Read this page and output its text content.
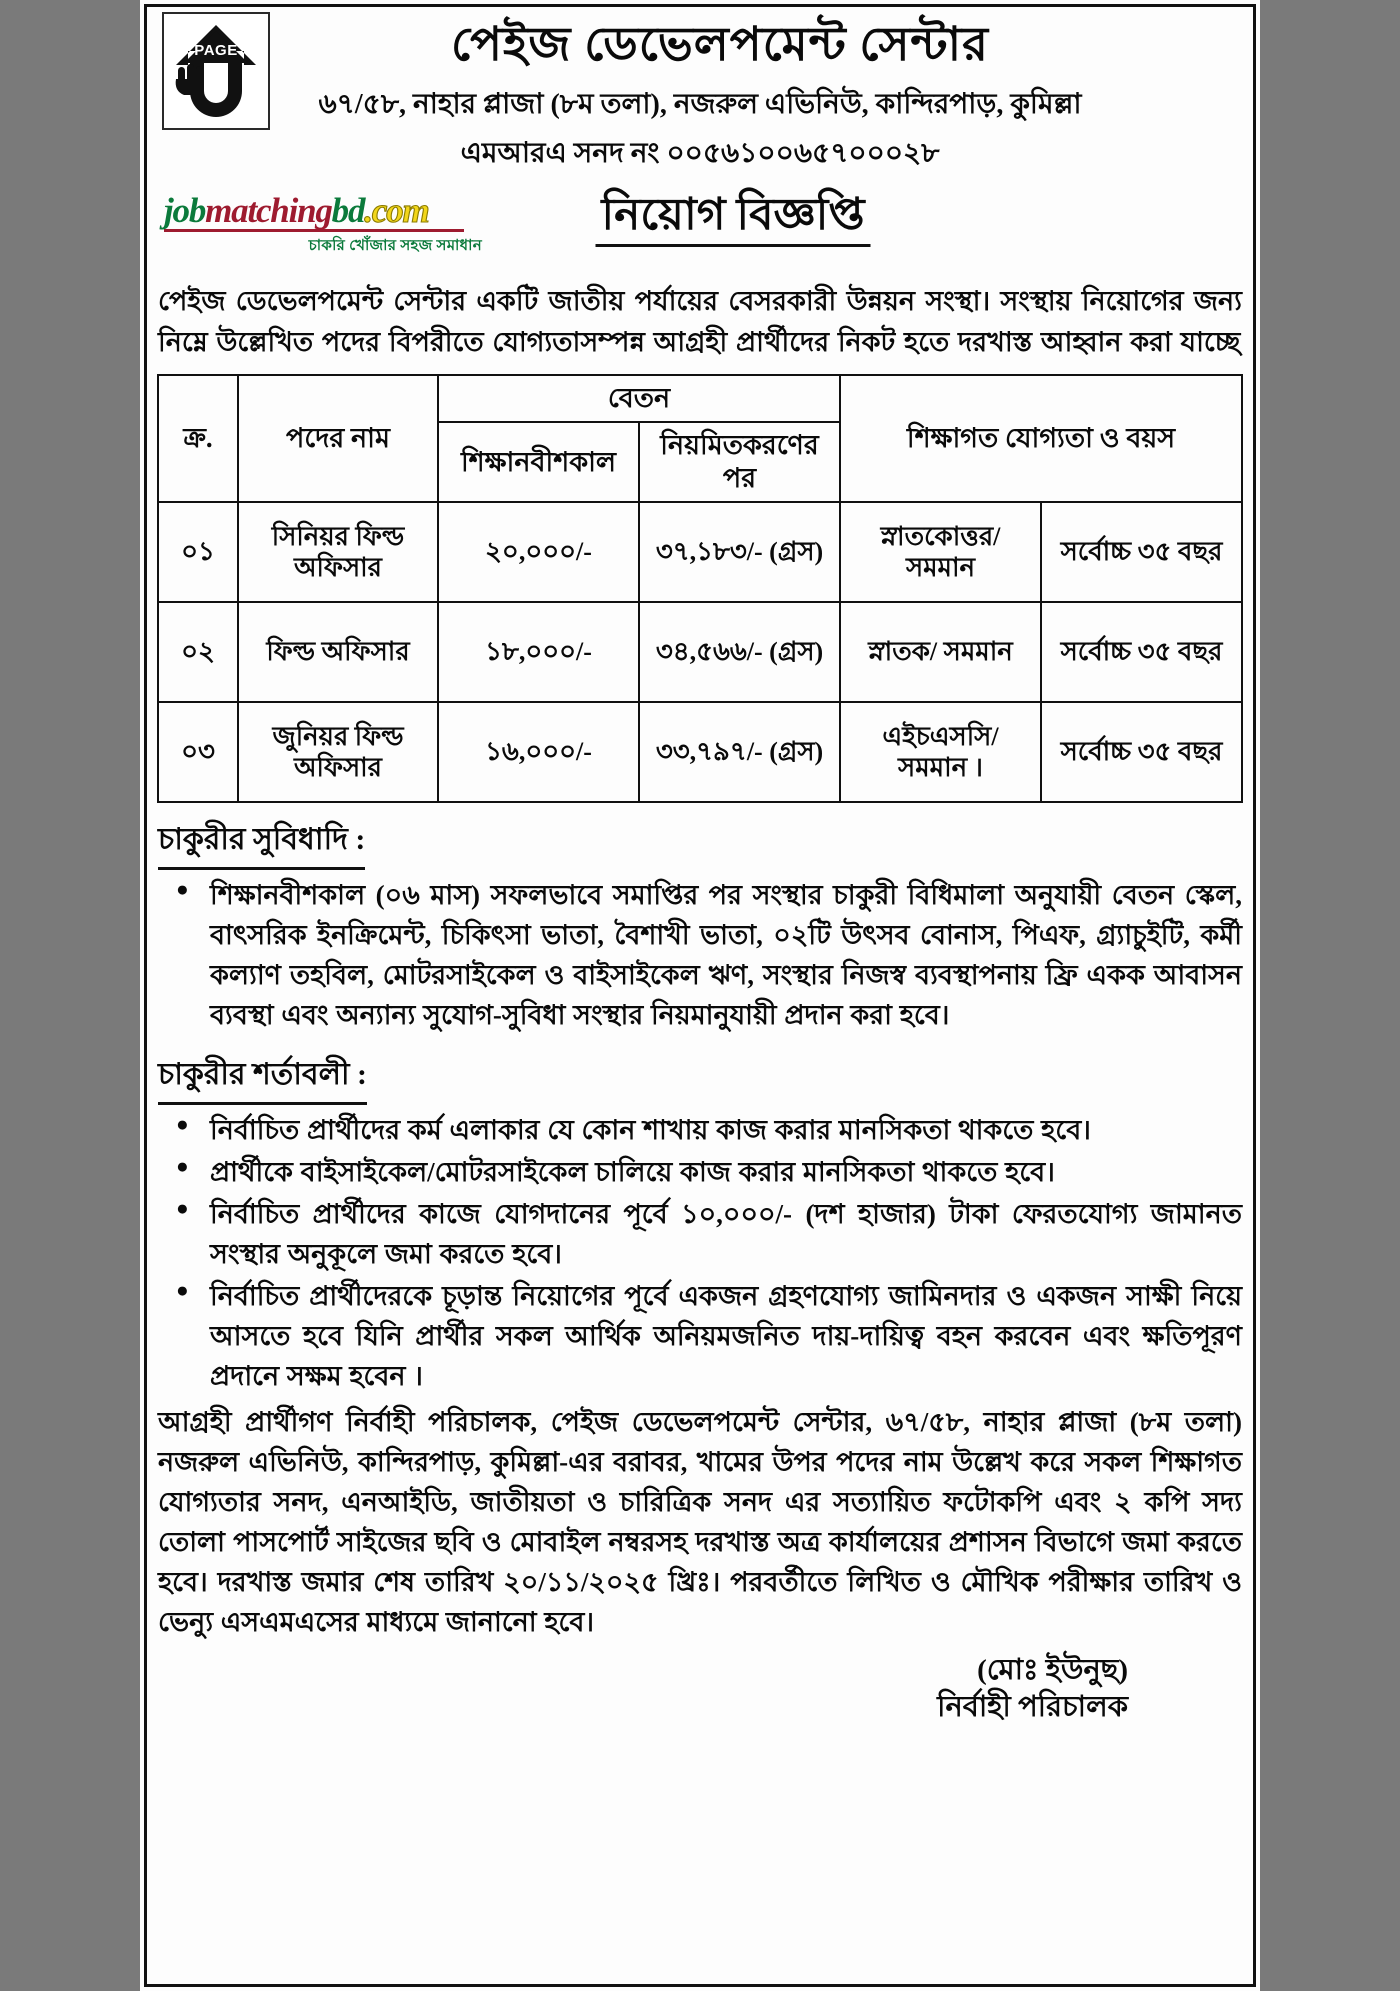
PAGE	পেইজ ডেভেলপমেন্ট সেন্টার
৬৭/৫৮, নাহার প্লাজা (৮ম তলা), নজরুল এভিনিউ, কান্দিরপাড়, কুমিল্লা
এমআরএ সনদ নং ০০৫৬১০০৬৫৭০০০২৮
jobmatchingbd.com
চাকরি খোঁজার সহজ সমাধান
নিয়োগ বিজ্ঞপ্তি
পেইজ ডেভেলপমেন্ট সেন্টার একটি জাতীয় পর্যায়ের বেসরকারী উন্নয়ন সংস্থা। সংস্থায় নিয়োগের জন্য নিম্নে উল্লেখিত পদের বিপরীতে যোগ্যতাসম্পন্ন আগ্রহী প্রার্থীদের নিকট হতে দরখাস্ত আহ্বান করা যাচ্ছে
ক্র.	পদের নাম	বেতন		শিক্ষাগত যোগ্যতা ও বয়স	
		শিক্ষানবীশকাল	নিয়মিতকরণের পর		
০১	সিনিয়র ফিল্ড অফিসার	২০,০০০/-	৩৭,১৮৩/- (গ্রস)	স্নাতকোত্তর/ সমমান	সর্বোচ্চ ৩৫ বছর
০২	ফিল্ড অফিসার	১৮,০০০/-	৩৪,৫৬৬/- (গ্রস)	স্নাতক/ সমমান	সর্বোচ্চ ৩৫ বছর
০৩	জুনিয়র ফিল্ড অফিসার	১৬,০০০/-	৩৩,৭৯৭/- (গ্রস)	এইচএসসি/ সমমান ।	সর্বোচ্চ ৩৫ বছর
চাকুরীর সুবিধাদি :
● শিক্ষানবীশকাল (০৬ মাস) সফলভাবে সমাপ্তির পর সংস্থার চাকুরী বিধিমালা অনুযায়ী বেতন স্কেল, বাৎসরিক ইনক্রিমেন্ট, চিকিৎসা ভাতা, বৈশাখী ভাতা, ০২টি উৎসব বোনাস, পিএফ, গ্র্যাচুইটি, কর্মী কল্যাণ তহবিল, মোটরসাইকেল ও বাইসাইকেল ঋণ, সংস্থার নিজস্ব ব্যবস্থাপনায় ফ্রি একক আবাসন ব্যবস্থা এবং অন্যান্য সুযোগ-সুবিধা সংস্থার নিয়মানুযায়ী প্রদান করা হবে।
চাকুরীর শর্তাবলী :
● নির্বাচিত প্রার্থীদের কর্ম এলাকার যে কোন শাখায় কাজ করার মানসিকতা থাকতে হবে।
● প্রার্থীকে বাইসাইকেল/মোটরসাইকেল চালিয়ে কাজ করার মানসিকতা থাকতে হবে।
● নির্বাচিত প্রার্থীদের কাজে যোগদানের পূর্বে ১০,০০০/- (দশ হাজার) টাকা ফেরতযোগ্য জামানত সংস্থার অনুকূলে জমা করতে হবে।
● নির্বাচিত প্রার্থীদেরকে চূড়ান্ত নিয়োগের পূর্বে একজন গ্রহণযোগ্য জামিনদার ও একজন সাক্ষী নিয়ে আসতে হবে যিনি প্রার্থীর সকল আর্থিক অনিয়মজনিত দায়-দায়িত্ব বহন করবেন এবং ক্ষতিপূরণ প্রদানে সক্ষম হবেন ।
আগ্রহী প্রার্থীগণ নির্বাহী পরিচালক, পেইজ ডেভেলপমেন্ট সেন্টার, ৬৭/৫৮, নাহার প্লাজা (৮ম তলা) নজরুল এভিনিউ, কান্দিরপাড়, কুমিল্লা-এর বরাবর, খামের উপর পদের নাম উল্লেখ করে সকল শিক্ষাগত যোগ্যতার সনদ, এনআইডি, জাতীয়তা ও চারিত্রিক সনদ এর সত্যায়িত ফটোকপি এবং ২ কপি সদ্য তোলা পাসপোর্ট সাইজের ছবি ও মোবাইল নম্বরসহ দরখাস্ত অত্র কার্যালয়ের প্রশাসন বিভাগে জমা করতে হবে। দরখাস্ত জমার শেষ তারিখ ২০/১১/২০২৫ খ্রিঃ। পরবর্তীতে লিখিত ও মৌখিক পরীক্ষার তারিখ ও ভেন্যু এসএমএসের মাধ্যমে জানানো হবে।
(মোঃ ইউনুছ)
নির্বাহী পরিচালক
